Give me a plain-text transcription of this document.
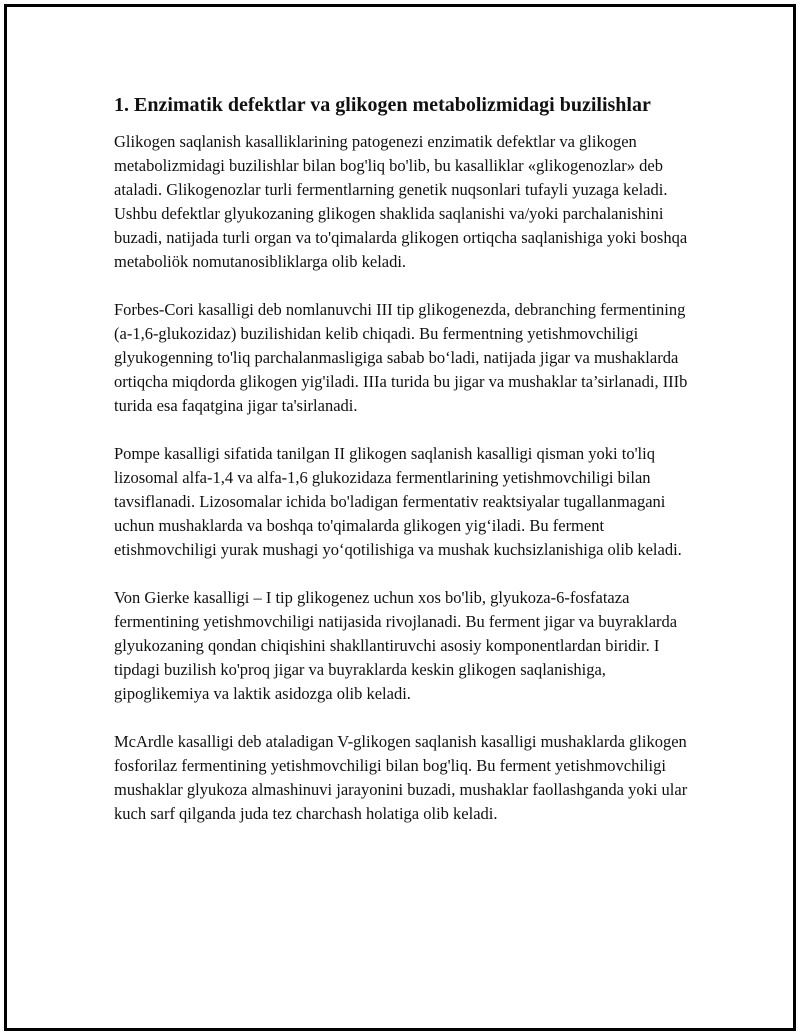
1. Enzimatik defektlar va glikogen metabolizmidagi buzilishlar

Glikogen saqlanish kasalliklarining patogenezi enzimatik defektlar va glikogen metabolizmidagi buzilishlar bilan bog'liq bo'lib, bu kasalliklar «glikogenozlar» deb ataladi. Glikogenozlar turli fermentlarning genetik nuqsonlari tufayli yuzaga keladi. Ushbu defektlar glyukozaning glikogen shaklida saqlanishi va/yoki parchalanishini buzadi, natijada turli organ va to'qimalarda glikogen ortiqcha saqlanishiga yoki boshqa metaboliök nomutanosibliklarga olib keladi.

Forbes-Cori kasalligi deb nomlanuvchi III tip glikogenezda, debranching fermentining (a-1,6-glukozidaz) buzilishidan kelib chiqadi. Bu fermentning yetishmovchiligi glyukogenning to'liq parchalanmasligiga sabab bo‘ladi, natijada jigar va mushaklarda ortiqcha miqdorda glikogen yig'iladi. IIIa turida bu jigar va mushaklar ta’sirlanadi, IIIb turida esa faqatgina jigar ta'sirlanadi.

Pompe kasalligi sifatida tanilgan II glikogen saqlanish kasalligi qisman yoki to'liq lizosomal alfa-1,4 va alfa-1,6 glukozidaza fermentlarining yetishmovchiligi bilan tavsiflanadi. Lizosomalar ichida bo'ladigan fermentativ reaktsiyalar tugallanmagani uchun mushaklarda va boshqa to'qimalarda glikogen yig‘iladi. Bu ferment etishmovchiligi yurak mushagi yo‘qotilishiga va mushak kuchsizlanishiga olib keladi.

Von Gierke kasalligi – I tip glikogenez uchun xos bo'lib, glyukoza-6-fosfataza fermentining yetishmovchiligi natijasida rivojlanadi. Bu ferment jigar va buyraklarda glyukozaning qondan chiqishini shakllantiruvchi asosiy komponentlardan biridir. I tipdagi buzilish ko'proq jigar va buyraklarda keskin glikogen saqlanishiga, gipoglikemiya va laktik asidozga olib keladi.

McArdle kasalligi deb ataladigan V-glikogen saqlanish kasalligi mushaklarda glikogen fosforilaz fermentining yetishmovchiligi bilan bog'liq. Bu ferment yetishmovchiligi mushaklar glyukoza almashinuvi jarayonini buzadi, mushaklar faollashganda yoki ular kuch sarf qilganda juda tez charchash holatiga olib keladi.
